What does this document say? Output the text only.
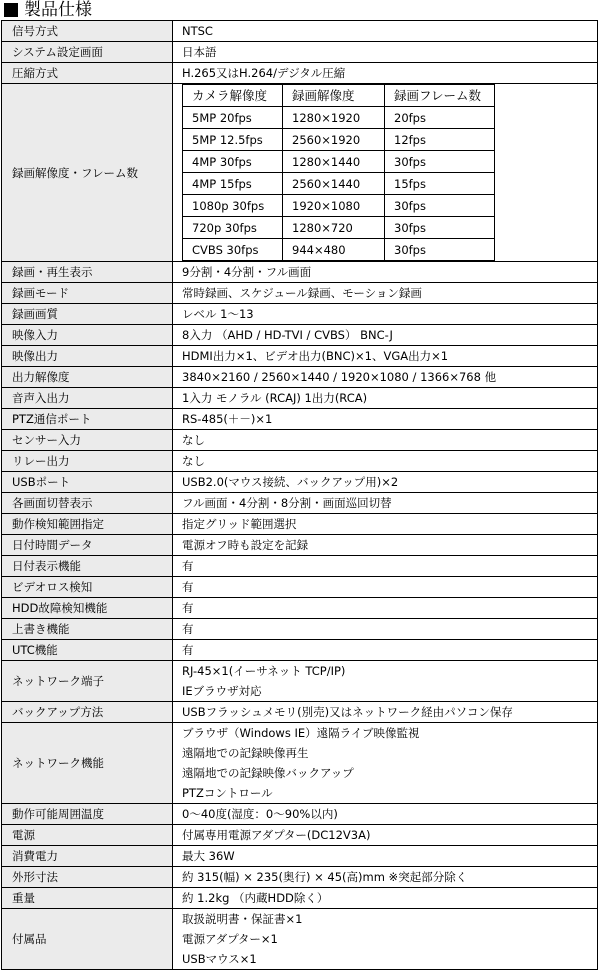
製品仕様
信号方式	NTSC

システム設定画面	日本語

圧縮方式	H.265又はH.264/デジタル圧縮

録画解像度・フレーム数	
カメラ解像度	録画解像度	録画フレーム数
5MP 20fps	1280×1920	20fps
5MP 12.5fps	2560×1920	12fps
4MP 30fps	1280×1440	30fps
4MP 15fps	2560×1440	15fps
1080p 30fps	1920×1080	30fps
720p 30fps	1280×720	30fps
CVBS 30fps	944×480	30fps

録画・再生表示	9分割・4分割・フル画面

録画モード	常時録画、スケジュール録画、モーション録画

録画画質	レベル 1～13

映像入力	8入力 （AHD / HD-TVI / CVBS） BNC-J

映像出力	HDMI出力×1、ビデオ出力(BNC)×1、VGA出力×1

出力解像度	3840×2160 / 2560×1440 / 1920×1080 / 1366×768 他

音声入出力	1入力 モノラル (RCAJ) 1出力(RCA)

PTZ通信ポート	RS-485(＋－)×1

センサー入力	なし

リレー出力	なし

USBポート	USB2.0(マウス接続、バックアップ用)×2

各画面切替表示	フル画面・4分割・8分割・画面巡回切替

動作検知範囲指定	指定グリッド範囲選択

日付時間データ	電源オフ時も設定を記録

日付表示機能	有

ビデオロス検知	有

HDD故障検知機能	有

上書き機能	有

UTC機能	有

ネットワーク端子	
RJ-45×1(イーサネット TCP/IP)
IEブラウザ対応

バックアップ方法	USBフラッシュメモリ(別売)又はネットワーク経由パソコン保存

ネットワーク機能	
ブラウザ（Windows IE）遠隔ライブ映像監視
遠隔地での記録映像再生
遠隔地での記録映像バックアップ
PTZコントロール

動作可能周囲温度	0～40度(湿度：0～90%以内)

電源	付属専用電源アダプター(DC12V3A)

消費電力	最大 36W

外形寸法	約 315(幅) × 235(奥行) × 45(高)mm ※突起部分除く

重量	約 1.2kg （内蔵HDD除く）

付属品	
取扱説明書・保証書×1
電源アダプター×1
USBマウス×1
